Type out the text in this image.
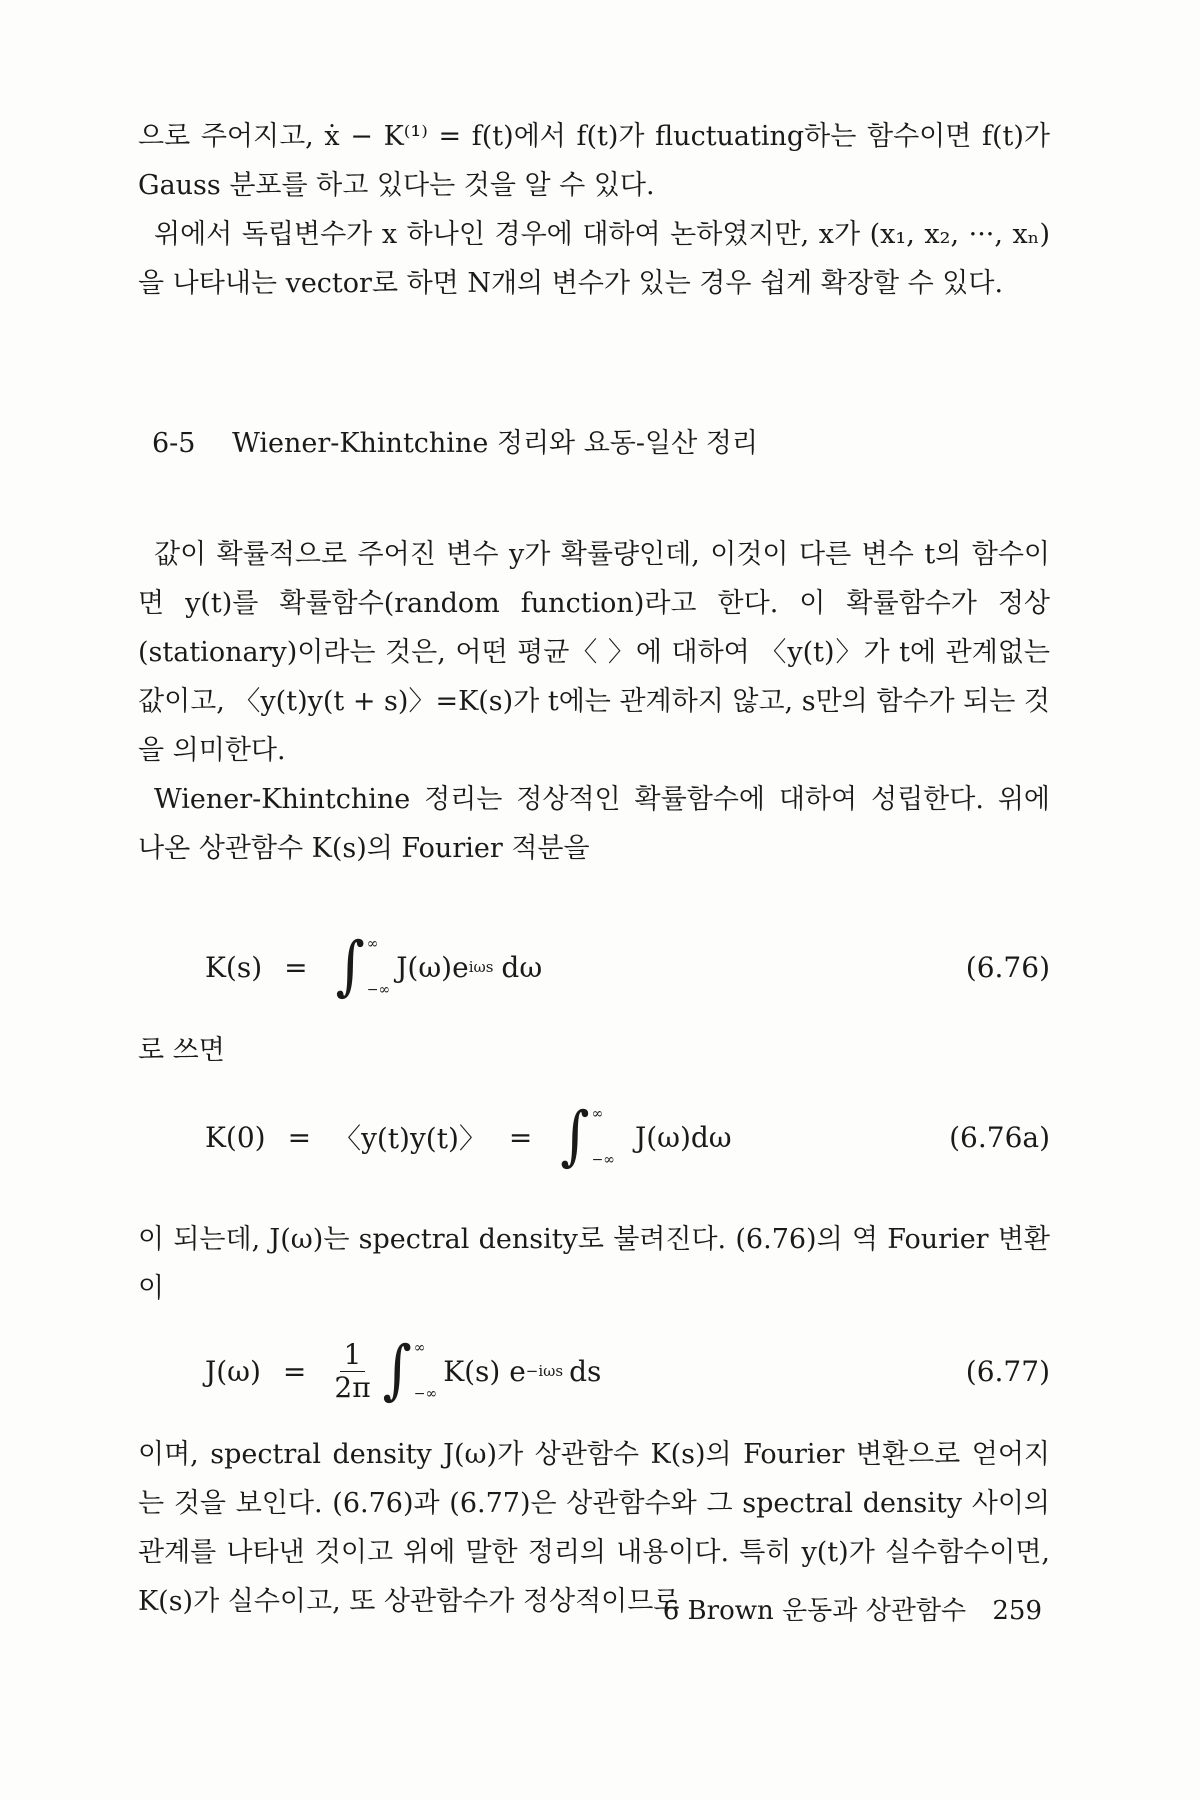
으로 주어지고, ẋ − K⁽¹⁾ = f(t)에서 f(t)가 fluctuating하는 함수이면 f(t)가 Gauss 분포를 하고 있다는 것을 알 수 있다.

위에서 독립변수가 x 하나인 경우에 대하여 논하였지만, x가 (x₁, x₂, ···, xₙ)을 나타내는 vector로 하면 N개의 변수가 있는 경우 쉽게 확장할 수 있다.

6-5 Wiener-Khintchine 정리와 요동-일산 정리

값이 확률적으로 주어진 변수 y가 확률량인데, 이것이 다른 변수 t의 함수이면 y(t)를 확률함수(random function)라고 한다. 이 확률함수가 정상(stationary)이라는 것은, 어떤 평균〈 〉에 대하여 〈y(t)〉가 t에 관계없는 값이고, 〈y(t)y(t + s)〉=K(s)가 t에는 관계하지 않고, s만의 함수가 되는 것을 의미한다.

Wiener-Khintchine 정리는 정상적인 확률함수에 대하여 성립한다. 위에 나온 상관함수 K(s)의 Fourier 적분을

K(s) = ∫ ∞
−∞
J(ω)e iωs dω	(6.76)
로 쓰면
K(0) = 〈y(t)y(t)〉 = ∫ ∞
−∞
J(ω)dω	(6.76a)

이 되는데, J(ω)는 spectral density로 불려진다. (6.76)의 역 Fourier 변환이

$J(\omega) = \frac{1}{2\pi}$ ∫ ∞
−∞
K(s) e −iωs ds	(6.77)

이며, spectral density J(ω)가 상관함수 K(s)의 Fourier 변환으로 얻어지는 것을 보인다. (6.76)과 (6.77)은 상관함수와 그 spectral density 사이의 관계를 나타낸 것이고 위에 말한 정리의 내용이다. 특히 y(t)가 실수함수이면, K(s)가 실수이고, 또 상관함수가 정상적이므로

6 Brown 운동과 상관함수 259
